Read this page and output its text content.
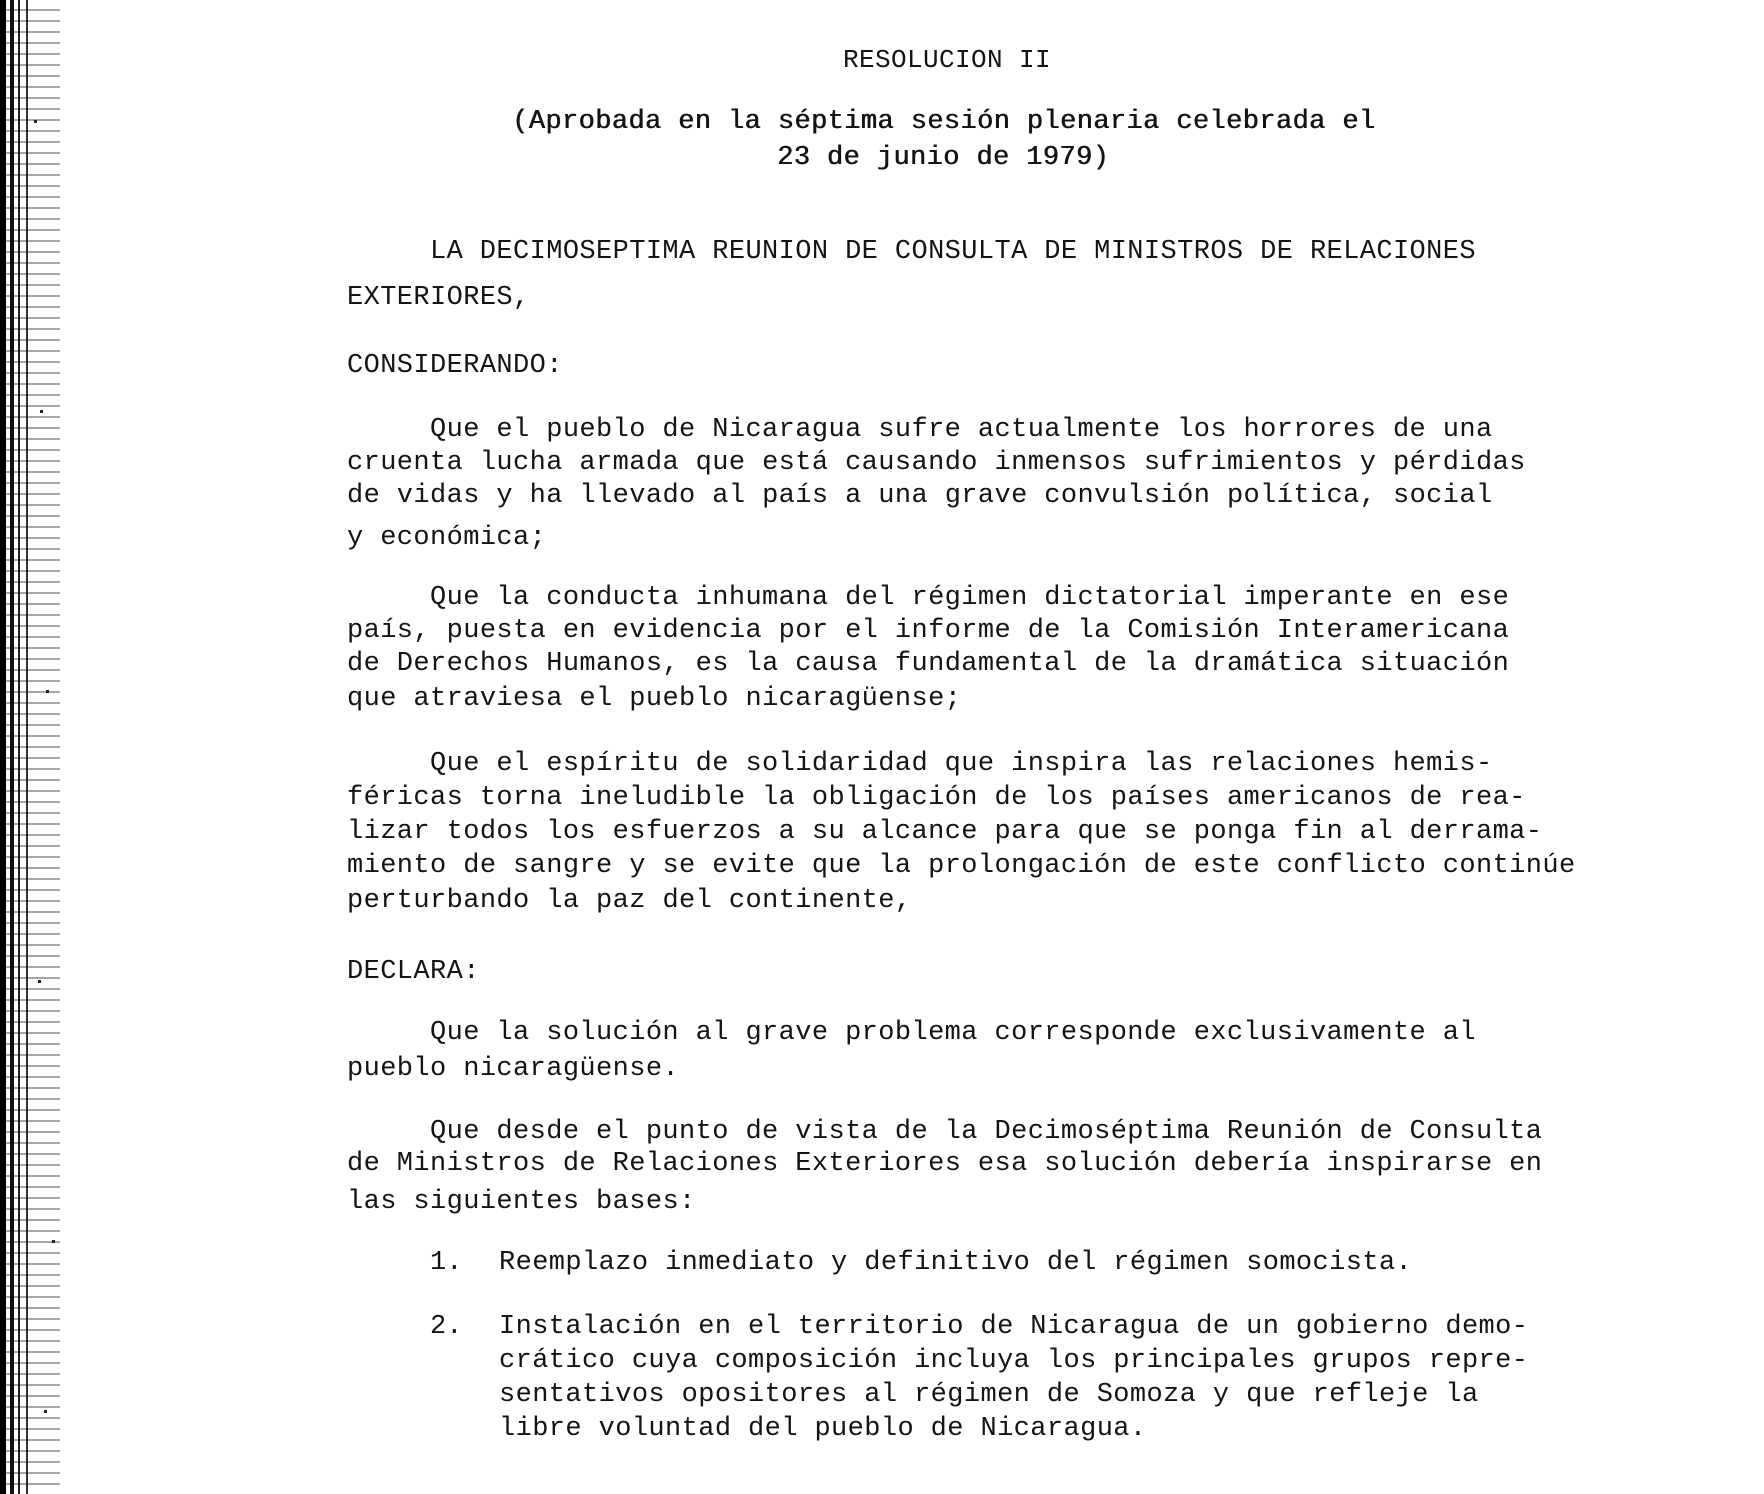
RESOLUCION II

(Aprobada en la séptima sesión plenaria celebrada el

23 de junio de 1979)

LA DECIMOSEPTIMA REUNION DE CONSULTA DE MINISTROS DE RELACIONES

EXTERIORES,

CONSIDERANDO:

Que el pueblo de Nicaragua sufre actualmente los horrores de una

cruenta lucha armada que está causando inmensos sufrimientos y pérdidas

de vidas y ha llevado al país a una grave convulsión política, social

y económica;

Que la conducta inhumana del régimen dictatorial imperante en ese

país, puesta en evidencia por el informe de la Comisión Interamericana

de Derechos Humanos, es la causa fundamental de la dramática situación

que atraviesa el pueblo nicaragüense;

Que el espíritu de solidaridad que inspira las relaciones hemis-

féricas torna ineludible la obligación de los países americanos de rea-

lizar todos los esfuerzos a su alcance para que se ponga fin al derrama-

miento de sangre y se evite que la prolongación de este conflicto continúe

perturbando la paz del continente,

DECLARA:

Que la solución al grave problema corresponde exclusivamente al

pueblo nicaragüense.

Que desde el punto de vista de la Decimoséptima Reunión de Consulta

de Ministros de Relaciones Exteriores esa solución debería inspirarse en

las siguientes bases:

1. Reemplazo inmediato y definitivo del régimen somocista.

2. Instalación en el territorio de Nicaragua de un gobierno demo-

crático cuya composición incluya los principales grupos repre-

sentativos opositores al régimen de Somoza y que refleje la

libre voluntad del pueblo de Nicaragua.
